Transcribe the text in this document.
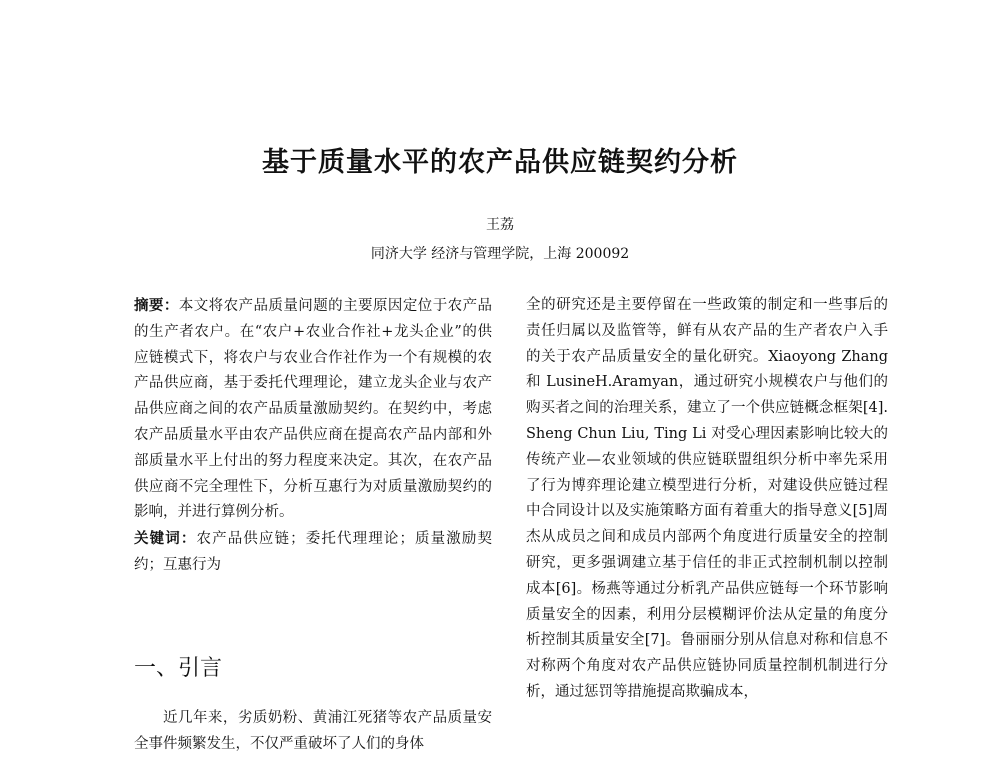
基于质量水平的农产品供应链契约分析
王荔
同济大学 经济与管理学院，上海 200092
摘要：本文将农产品质量问题的主要原因定位于农产品的生产者农户。在“农户+农业合作社+龙头企业”的供应链模式下，将农户与农业合作社作为一个有规模的农产品供应商，基于委托代理理论，建立龙头企业与农产品供应商之间的农产品质量激励契约。在契约中，考虑农产品质量水平由农产品供应商在提高农产品内部和外部质量水平上付出的努力程度来决定。其次，在农产品供应商不完全理性下，分析互惠行为对质量激励契约的影响，并进行算例分析。
关键词：农产品供应链；委托代理理论；质量激励契约；互惠行为
一、引言
近几年来，劣质奶粉、黄浦江死猪等农产品质量安全事件频繁发生，不仅严重破坏了人们的身体
全的研究还是主要停留在一些政策的制定和一些事后的责任归属以及监管等，鲜有从农产品的生产者农户入手的关于农产品质量安全的量化研究。Xiaoyong Zhang 和 LusineH.Aramyan，通过研究小规模农户与他们的购买者之间的治理关系，建立了一个供应链概念框架[4]. Sheng Chun Liu, Ting Li 对受心理因素影响比较大的传统产业—农业领域的供应链联盟组织分析中率先采用了行为博弈理论建立模型进行分析，对建设供应链过程中合同设计以及实施策略方面有着重大的指导意义[5]周杰从成员之间和成员内部两个角度进行质量安全的控制研究，更多强调建立基于信任的非正式控制机制以控制成本[6]。杨燕等通过分析乳产品供应链每一个环节影响质量安全的因素，利用分层模糊评价法从定量的角度分析控制其质量安全[7]。鲁丽丽分别从信息对称和信息不对称两个角度对农产品供应链协同质量控制机制进行分析，通过惩罚等措施提高欺骗成本，
